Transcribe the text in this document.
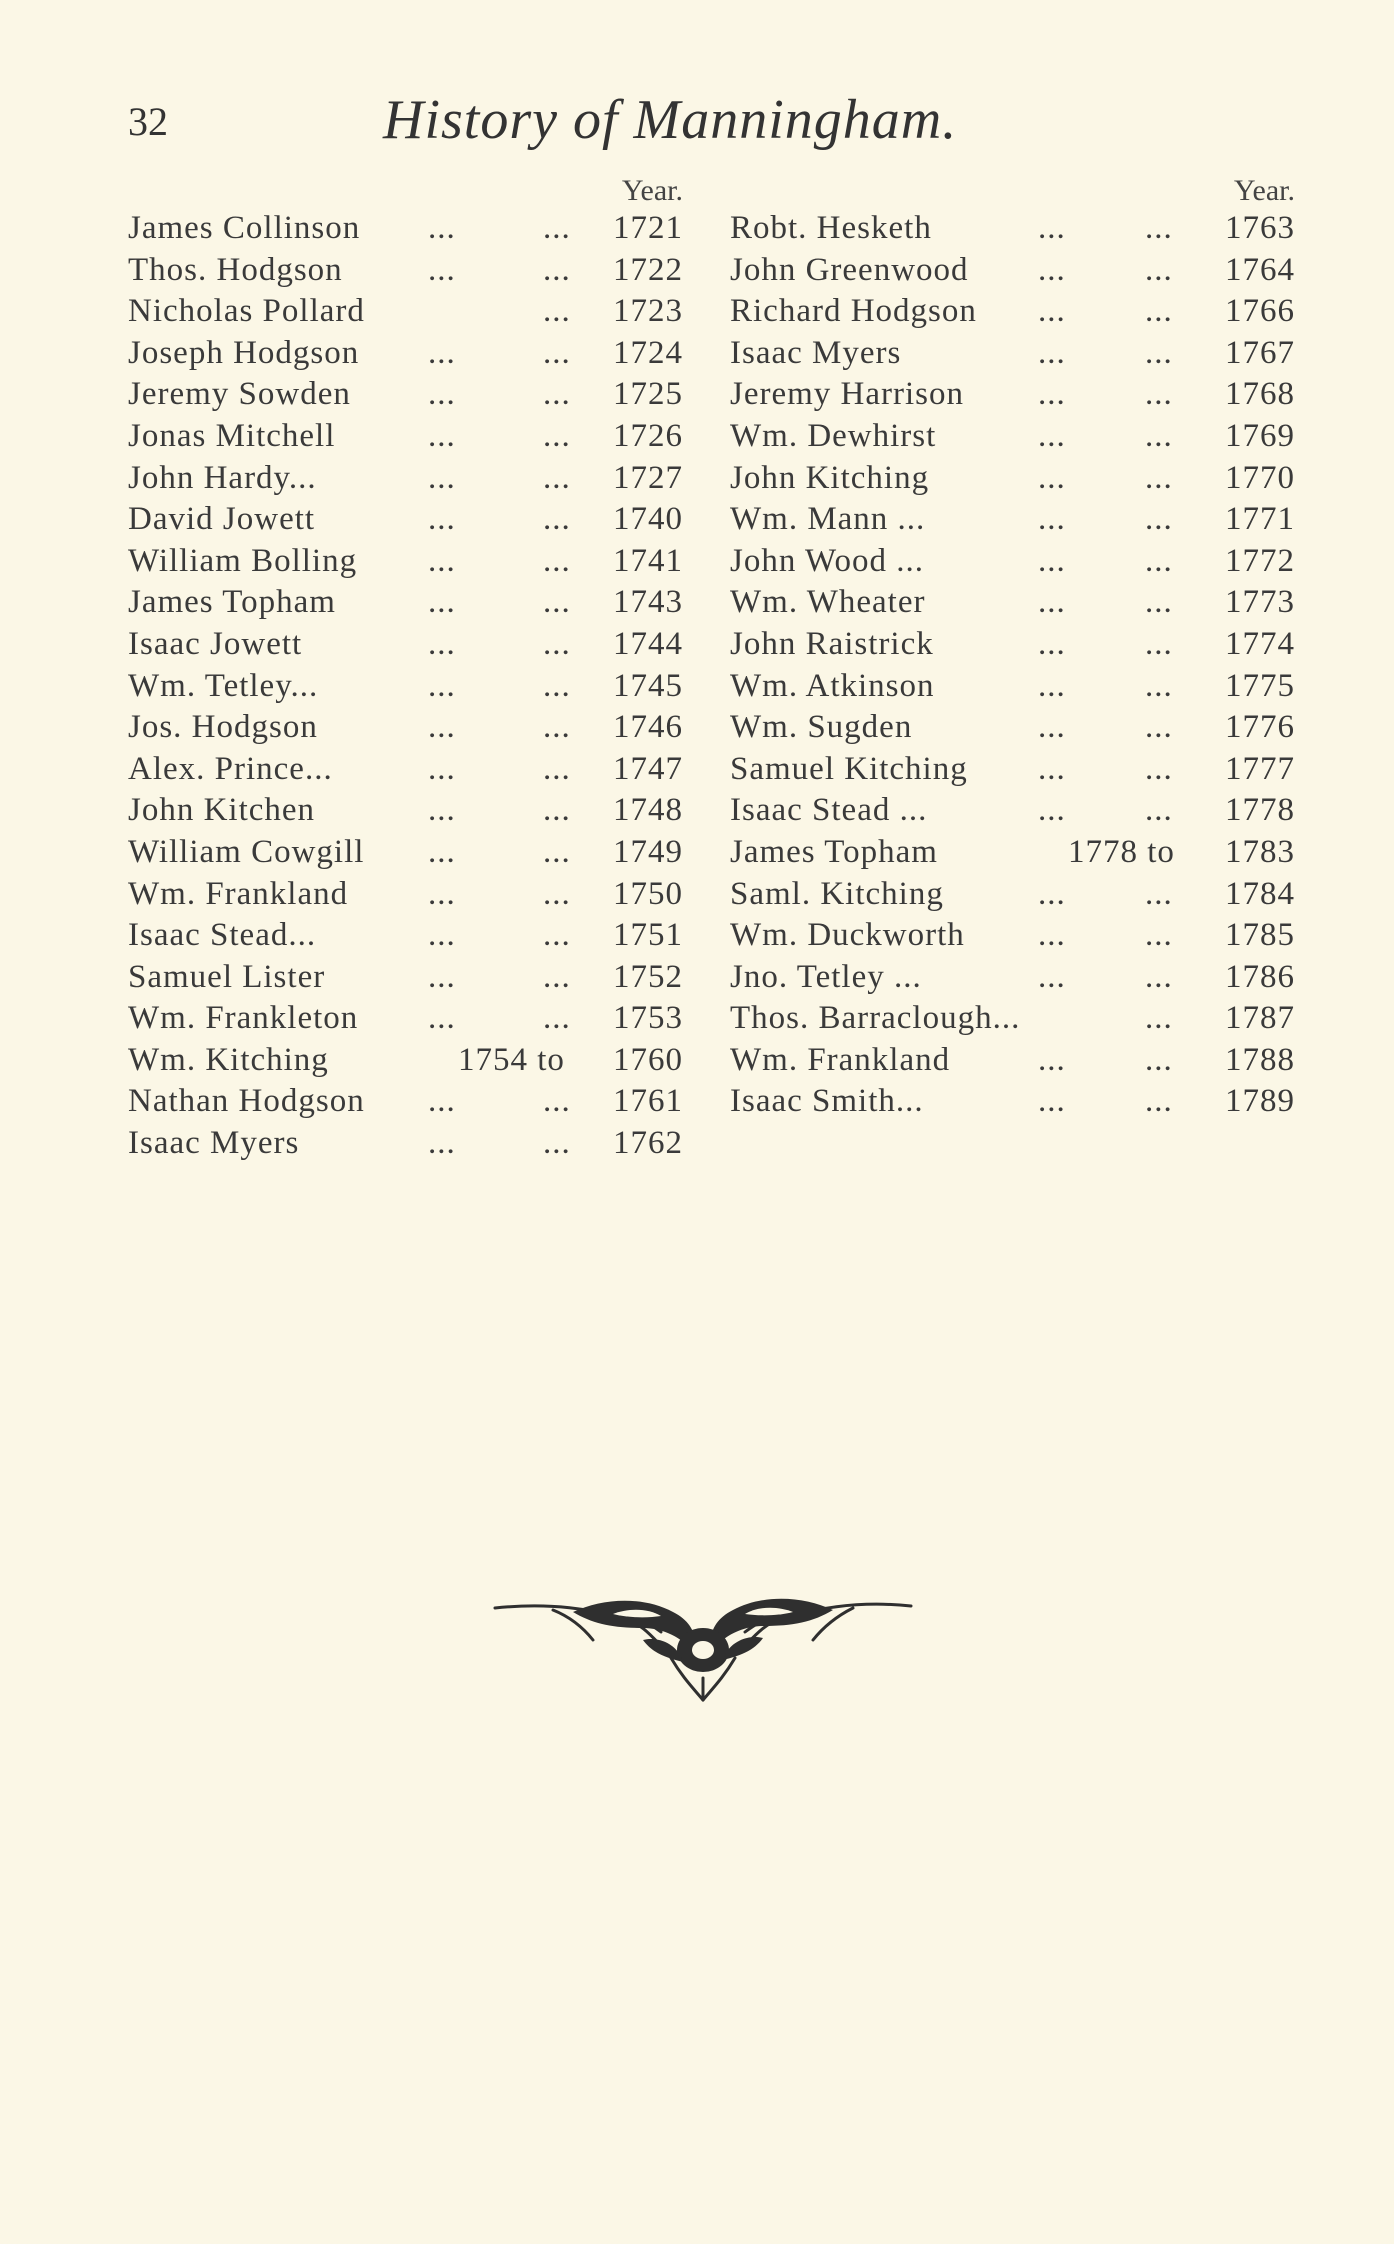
32	History of Manningham.
Year.
James Collinson ...	... 1721
Thos. Hodgson	...	... 1722
Nicholas Pollard	... 1723
Joseph Hodgson ...	... 1724
Jeremy Sowden ...	... 1725
Jonas Mitchell	...	... 1726
John Hardy...	...	... 1727
David Jowett	...	... 1740
William Bolling ...	... 1741
James Topham	...	... 1743
Isaac Jowett	...	... 1744
Wm. Tetley...	...	... 1745
Jos. Hodgson	...	... 1746
Alex. Prince...	...	... 1747
John Kitchen	...	... 1748
William Cowgill ...	... 1749
Wm. Frankland ...	... 1750
Isaac Stead...	...	... 1751
Samuel Lister	...	... 1752
Wm. Frankleton ...	... 1753
Wm. Kitching	1754 to 1760
Nathan Hodgson ...	... 1761
Isaac Myers	...	... 1762
Year.
Robt. Hesketh	... ... 1763
John Greenwood ... ... 1764
Richard Hodgson ... ... 1766
Isaac Myers	... ... 1767
Jeremy Harrison ... ... 1768
Wm. Dewhirst	... ... 1769
John Kitching	... ... 1770
Wm. Mann ...	... ... 1771
John Wood ...	... ... 1772
Wm. Wheater	... ... 1773
John Raistrick	... ... 1774
Wm. Atkinson	... ... 1775
Wm. Sugden	... ... 1776
Samuel Kitching ... ... 1777
Isaac Stead ...	... ... 1778
James Topham	1778 to 1783
Saml. Kitching	... ... 1784
Wm. Duckworth ... ... 1785
Jno. Tetley ...	... ... 1786
Thos. Barraclough...	... 1787
Wm. Frankland	... ... 1788
Isaac Smith...	... ... 1789
